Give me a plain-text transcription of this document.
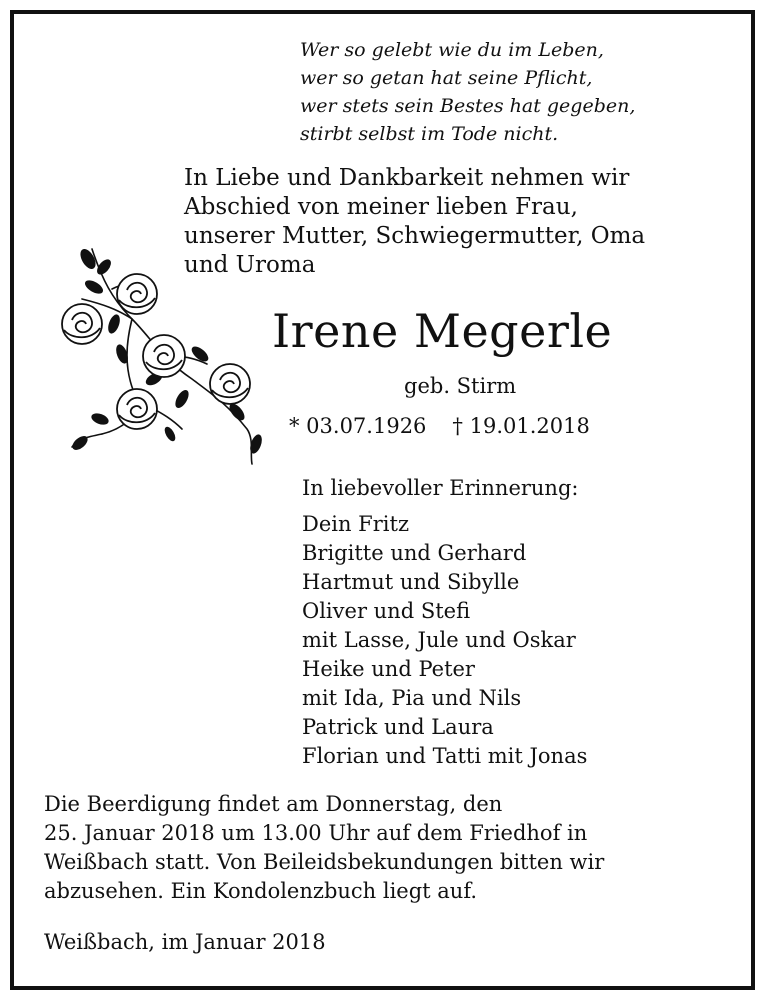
Wer so gelebt wie du im Leben,
wer so getan hat seine Pflicht,
wer stets sein Bestes hat gegeben,
stirbt selbst im Tode nicht.
In Liebe und Dankbarkeit nehmen wir
Abschied von meiner lieben Frau,
unserer Mutter, Schwiegermutter, Oma
und Uroma
Irene Megerle
geb. Stirm
* 03.07.1926 † 19.01.2018
In liebevoller Erinnerung:
Dein Fritz
Brigitte und Gerhard
Hartmut und Sibylle
Oliver und Stefi
mit Lasse, Jule und Oskar
Heike und Peter
mit Ida, Pia und Nils
Patrick und Laura
Florian und Tatti mit Jonas
Die Beerdigung findet am Donnerstag, den
25. Januar 2018 um 13.00 Uhr auf dem Friedhof in
Weißbach statt. Von Beileidsbekundungen bitten wir
abzusehen. Ein Kondolenzbuch liegt auf.
Weißbach, im Januar 2018
